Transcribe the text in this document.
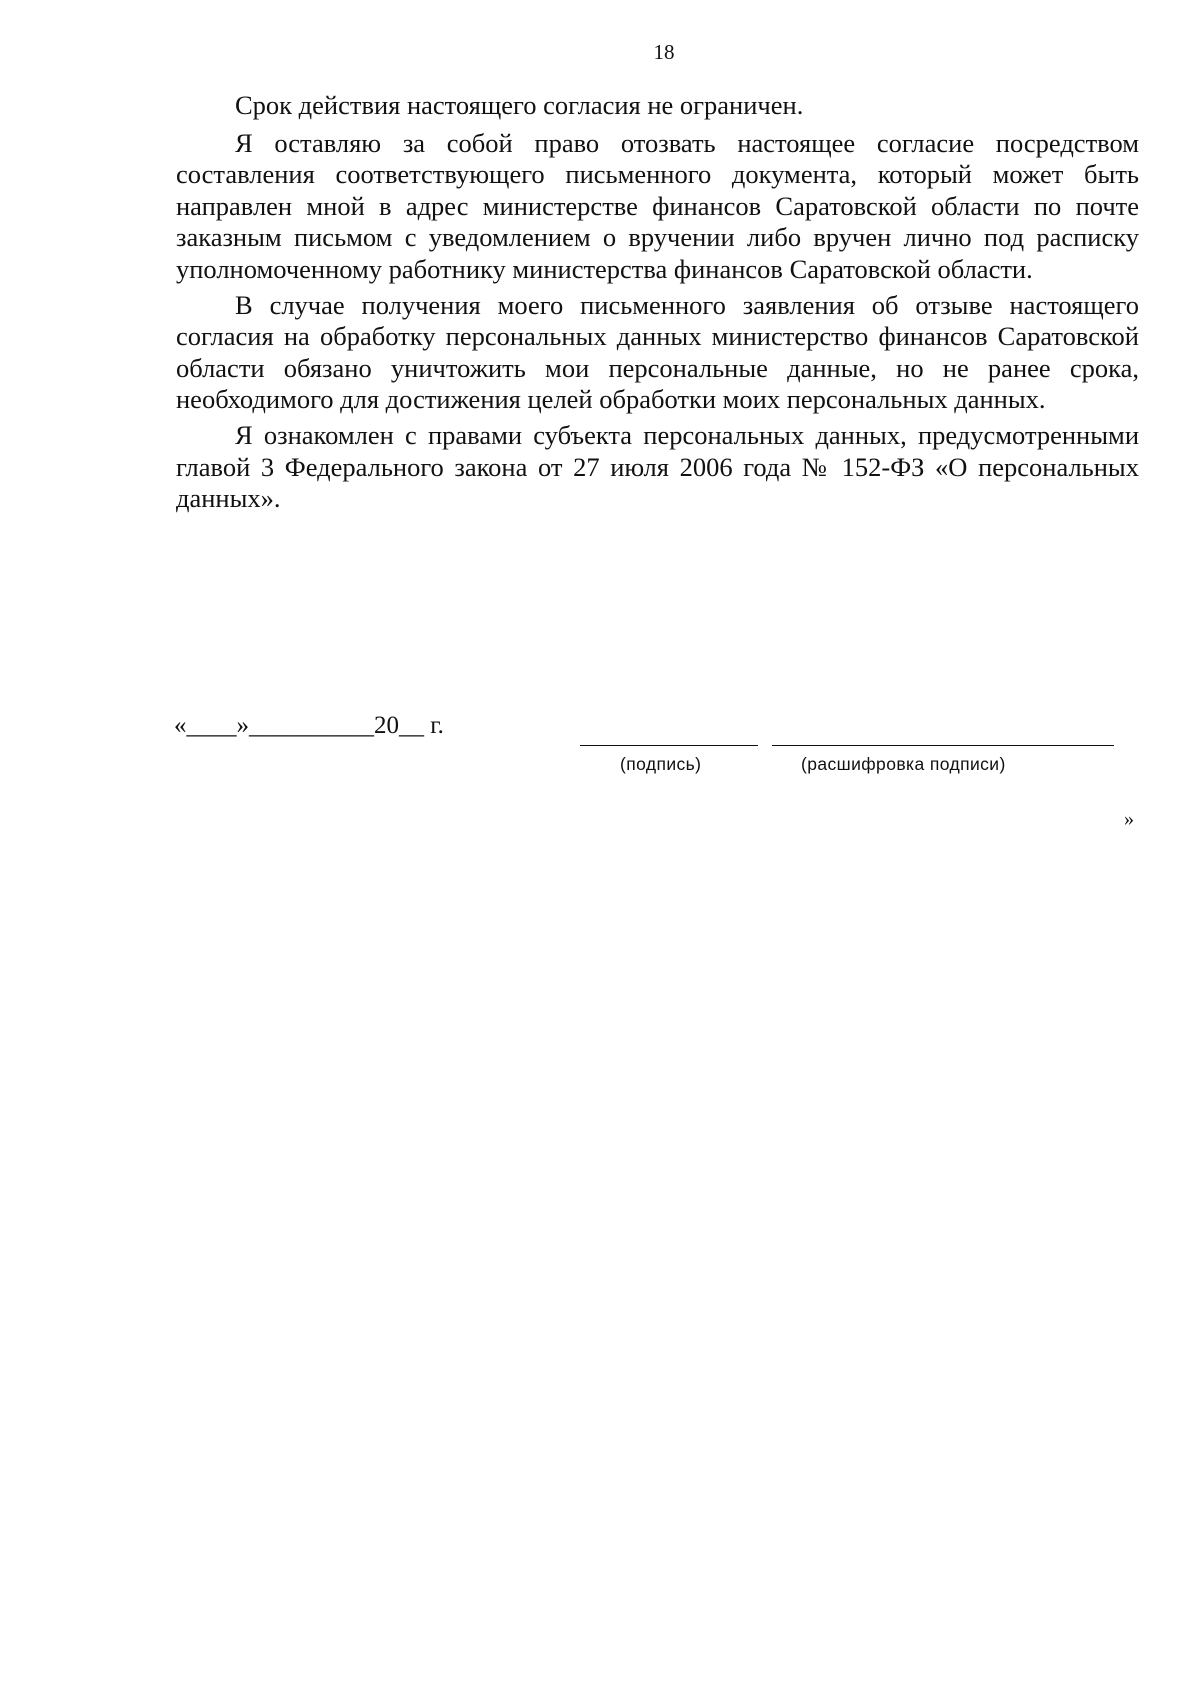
18

Срок действия настоящего согласия не ограничен.

Я оставляю за собой право отозвать настоящее согласие посредством составления соответствующего письменного документа, который может быть направлен мной в адрес министерстве финансов Саратовской области по почте заказным письмом с уведомлением о вручении либо вручен лично под расписку уполномоченному работнику министерства финансов Саратовской области.

В случае получения моего письменного заявления об отзыве настоящего согласия на обработку персональных данных министерство финансов Саратовской области обязано уничтожить мои персональные данные, но не ранее срока, необходимого для достижения целей обработки моих персональных данных.

Я ознакомлен с правами субъекта персональных данных, предусмотренными главой 3 Федерального закона от 27 июля 2006 года № 152-ФЗ «О персональных данных».

«____»__________20__ г.
(подпись)	(расшифровка подписи)
»
